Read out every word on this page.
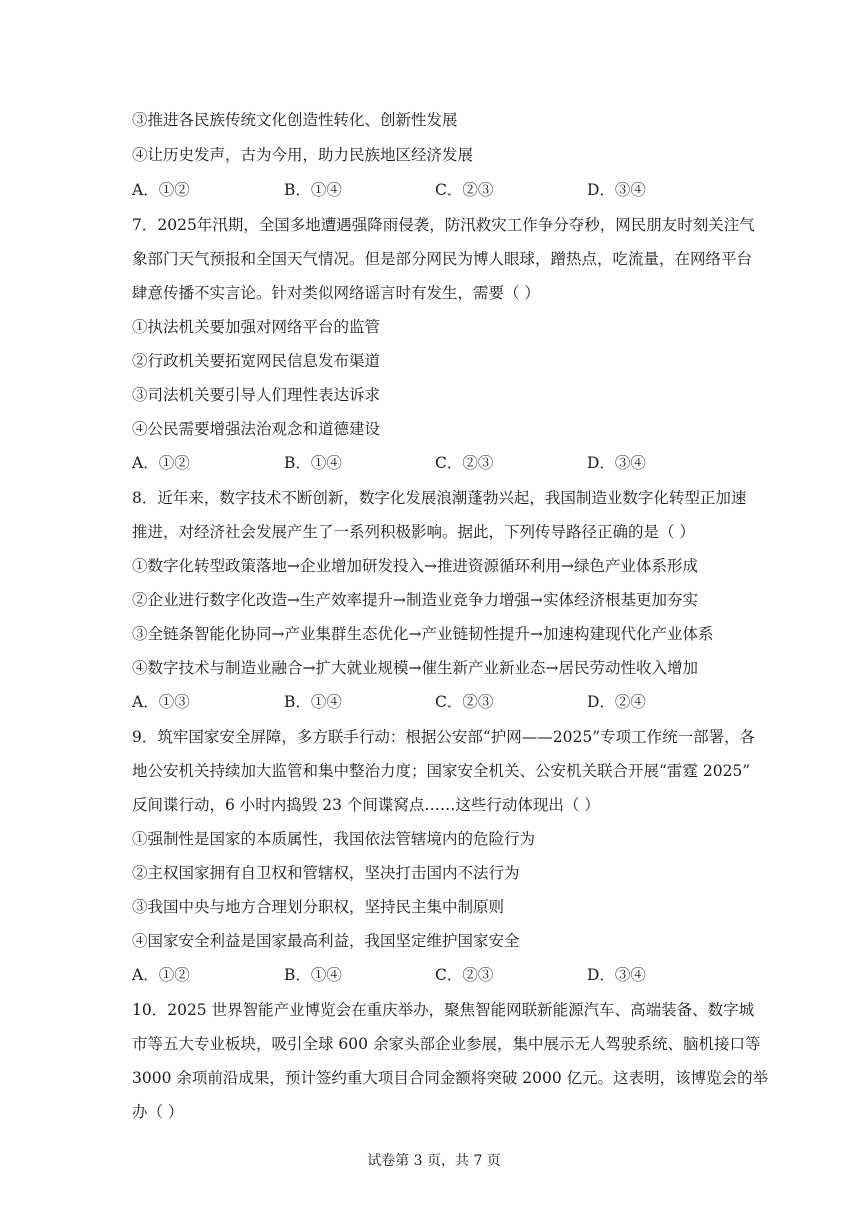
③推进各民族传统文化创造性转化、创新性发展
④让历史发声，古为今用，助力民族地区经济发展
A．①②	B．①④	C．②③	D．③④
7．2025年汛期，全国多地遭遇强降雨侵袭，防汛救灾工作争分夺秒，网民朋友时刻关注气
象部门天气预报和全国天气情况。但是部分网民为博人眼球，蹭热点，吃流量，在网络平台
肆意传播不实言论。针对类似网络谣言时有发生，需要（ ）
①执法机关要加强对网络平台的监管
②行政机关要拓宽网民信息发布渠道
③司法机关要引导人们理性表达诉求
④公民需要增强法治观念和道德建设
A．①②	B．①④	C．②③	D．③④
8．近年来，数字技术不断创新，数字化发展浪潮蓬勃兴起，我国制造业数字化转型正加速
推进，对经济社会发展产生了一系列积极影响。据此，下列传导路径正确的是（ ）
①数字化转型政策落地→企业增加研发投入→推进资源循环利用→绿色产业体系形成
②企业进行数字化改造→生产效率提升→制造业竞争力增强→实体经济根基更加夯实
③全链条智能化协同→产业集群生态优化→产业链韧性提升→加速构建现代化产业体系
④数字技术与制造业融合→扩大就业规模→催生新产业新业态→居民劳动性收入增加
A．①③	B．①④	C．②③	D．②④
9．筑牢国家安全屏障，多方联手行动：根据公安部“护网——2025”专项工作统一部署，各
地公安机关持续加大监管和集中整治力度；国家安全机关、公安机关联合开展“雷霆 2025”
反间谍行动，6 小时内捣毁 23 个间谍窝点……这些行动体现出（ ）
①强制性是国家的本质属性，我国依法管辖境内的危险行为
②主权国家拥有自卫权和管辖权，坚决打击国内不法行为
③我国中央与地方合理划分职权，坚持民主集中制原则
④国家安全利益是国家最高利益，我国坚定维护国家安全
A．①②	B．①④	C．②③	D．③④
10．2025 世界智能产业博览会在重庆举办，聚焦智能网联新能源汽车、高端装备、数字城
市等五大专业板块，吸引全球 600 余家头部企业参展，集中展示无人驾驶系统、脑机接口等
3000 余项前沿成果，预计签约重大项目合同金额将突破 2000 亿元。这表明，该博览会的举
办（ ）
试卷第 3 页，共 7 页
